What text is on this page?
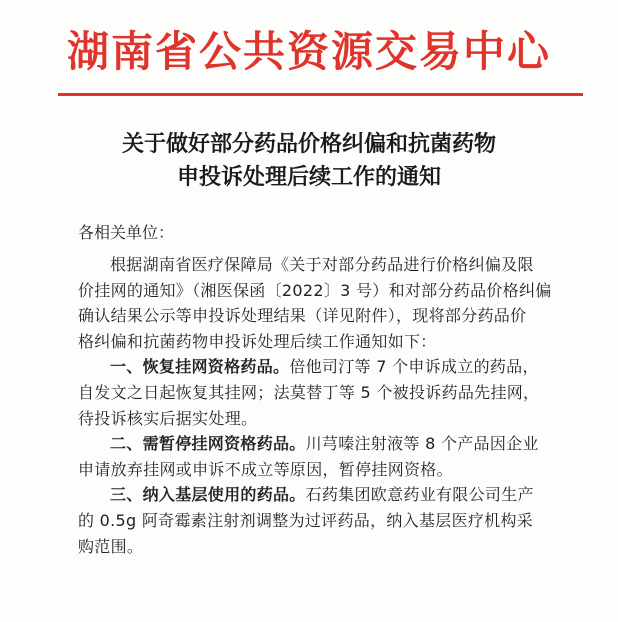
湖南省公共资源交易中心
关于做好部分药品价格纠偏和抗菌药物
申投诉处理后续工作的通知
各相关单位：
根据湖南省医疗保障局《关于对部分药品进行价格纠偏及限
价挂网的通知》（湘医保函〔2022〕3 号）和对部分药品价格纠偏
确认结果公示等申投诉处理结果（详见附件），现将部分药品价
格纠偏和抗菌药物申投诉处理后续工作通知如下：
一、恢复挂网资格药品。倍他司汀等 7 个申诉成立的药品，
自发文之日起恢复其挂网；法莫替丁等 5 个被投诉药品先挂网，
待投诉核实后据实处理。
二、需暂停挂网资格药品。川芎嗪注射液等 8 个产品因企业
申请放弃挂网或申诉不成立等原因，暂停挂网资格。
三、纳入基层使用的药品。石药集团欧意药业有限公司生产
的 0.5g 阿奇霉素注射剂调整为过评药品，纳入基层医疗机构采
购范围。
